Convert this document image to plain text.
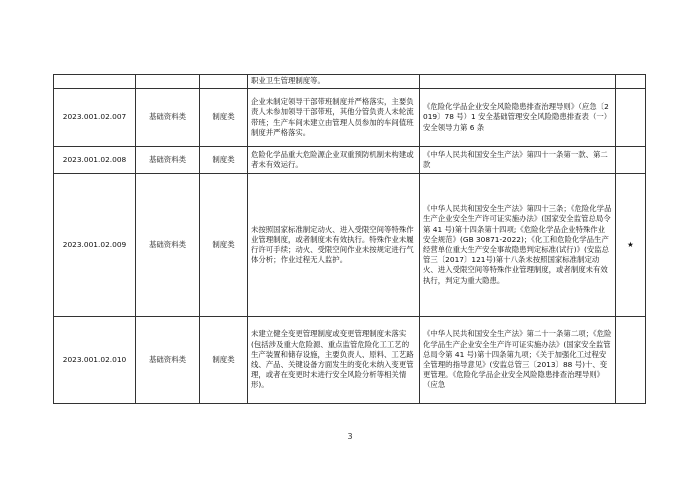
			职业卫生管理制度等。		
2023.001.02.007	基础资料类	制度类	企业未制定领导干部带班制度并严格落实，主要负责人未参加领导干部带班，其他分管负责人未轮流带班；生产车间未建立由管理人员参加的车间值班制度并严格落实。	《危险化学品企业安全风险隐患排查治理导则》（应急〔2019〕78 号）1 安全基础管理安全风险隐患排查表（一）安全领导力第 6 条	
2023.001.02.008	基础资料类	制度类	危险化学品重大危险源企业双重预防机制未构建或者未有效运行。	《中华人民共和国安全生产法》第四十一条第一款、第二款	
2023.001.02.009	基础资料类	制度类	未按照国家标准制定动火、进入受限空间等特殊作业管理制度，或者制度未有效执行。特殊作业未履行许可手续；动火、受限空间作业未按规定进行气体分析；作业过程无人监护。	《中华人民共和国安全生产法》第四十三条；《危险化学品生产企业安全生产许可证实施办法》(国家安全监管总局令第 41 号)第十四条第十四项;《危险化学品企业特殊作业安全规范》(GB 30871-2022)；《化工和危险化学品生产经营单位重大生产安全事故隐患判定标准(试行)》(安监总管三〔2017〕121号)第十八条未按照国家标准制定动火、进入受限空间等特殊作业管理制度，或者制度未有效执行，判定为重大隐患。	★
2023.001.02.010	基础资料类	制度类	未建立健全变更管理制度或变更管理制度未落实(包括涉及重大危险源、重点监管危险化工工艺的生产装置和储存设施，主要负责人、原料、工艺路线、产品、关键设备方面发生的变化未纳入变更管理，或者在变更时未进行安全风险分析等相关情形)。	《中华人民共和国安全生产法》第二十一条第二项；《危险化学品生产企业安全生产许可证实施办法》(国家安全监管总局令第 41 号)第十四条第九项；《关于加强化工过程安全管理的指导意见》(安监总管三〔2013〕88 号)十、变更管理。《危险化学品企业安全风险隐患排查治理导则》（应急	
3
